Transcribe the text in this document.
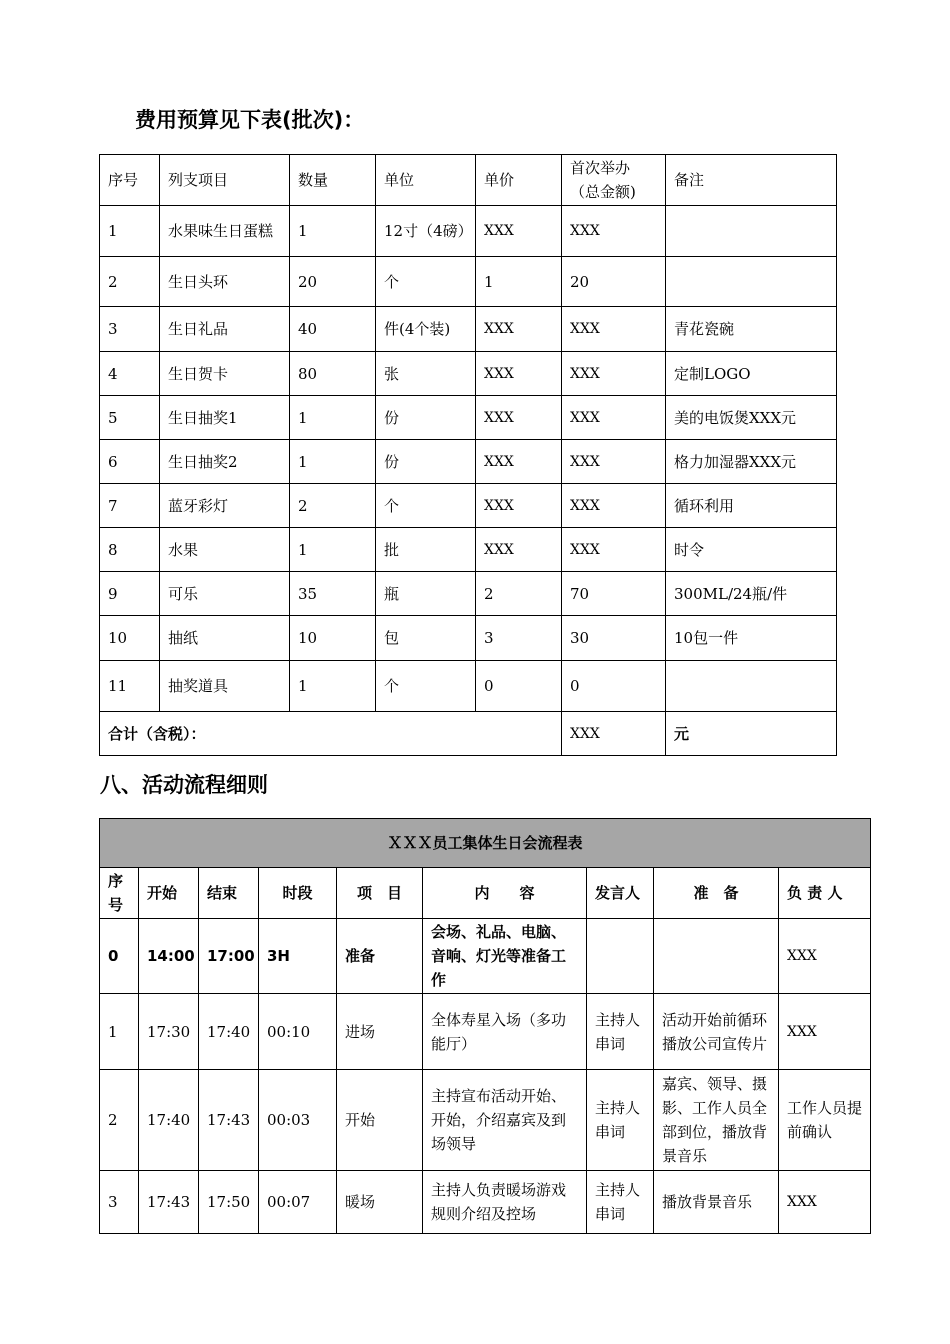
费用预算见下表(批次)：
序号	列支项目	数量	单位	单价	首次举办（总金额)	备注
1	水果味生日蛋糕	1	12寸（4磅）	XXX	XXX	
2	生日头环	20	个	1	20	
3	生日礼品	40	件(4个装)	XXX	XXX	青花瓷碗
4	生日贺卡	80	张	XXX	XXX	定制LOGO
5	生日抽奖1	1	份	XXX	XXX	美的电饭煲XXX元
6	生日抽奖2	1	份	XXX	XXX	格力加湿器XXX元
7	蓝牙彩灯	2	个	XXX	XXX	循环利用
8	水果	1	批	XXX	XXX	时令
9	可乐	35	瓶	2	70	300ML/24瓶/件
10	抽纸	10	包	3	30	10包一件
11	抽奖道具	1	个	0	0	
合计（含税）：					XXX	元
八、活动流程细则
ＸＸＸ员工集体生日会流程表								
序号	开始	结束	时段	项　目	内　　容	发言人	准　备	负 责 人
0	14:00	17:00	3H	准备	会场、礼品、电脑、音响、灯光等准备工作			XXX
1	17:30	17:40	00:10	进场	全体寿星入场（多功能厅）	主持人串词	活动开始前循环播放公司宣传片	XXX
2	17:40	17:43	00:03	开始	主持宣布活动开始、开始，介绍嘉宾及到场领导	主持人串词	嘉宾、领导、摄影、工作人员全部到位，播放背景音乐	工作人员提前确认
3	17:43	17:50	00:07	暖场	主持人负责暖场游戏规则介绍及控场	主持人串词	播放背景音乐	XXX
